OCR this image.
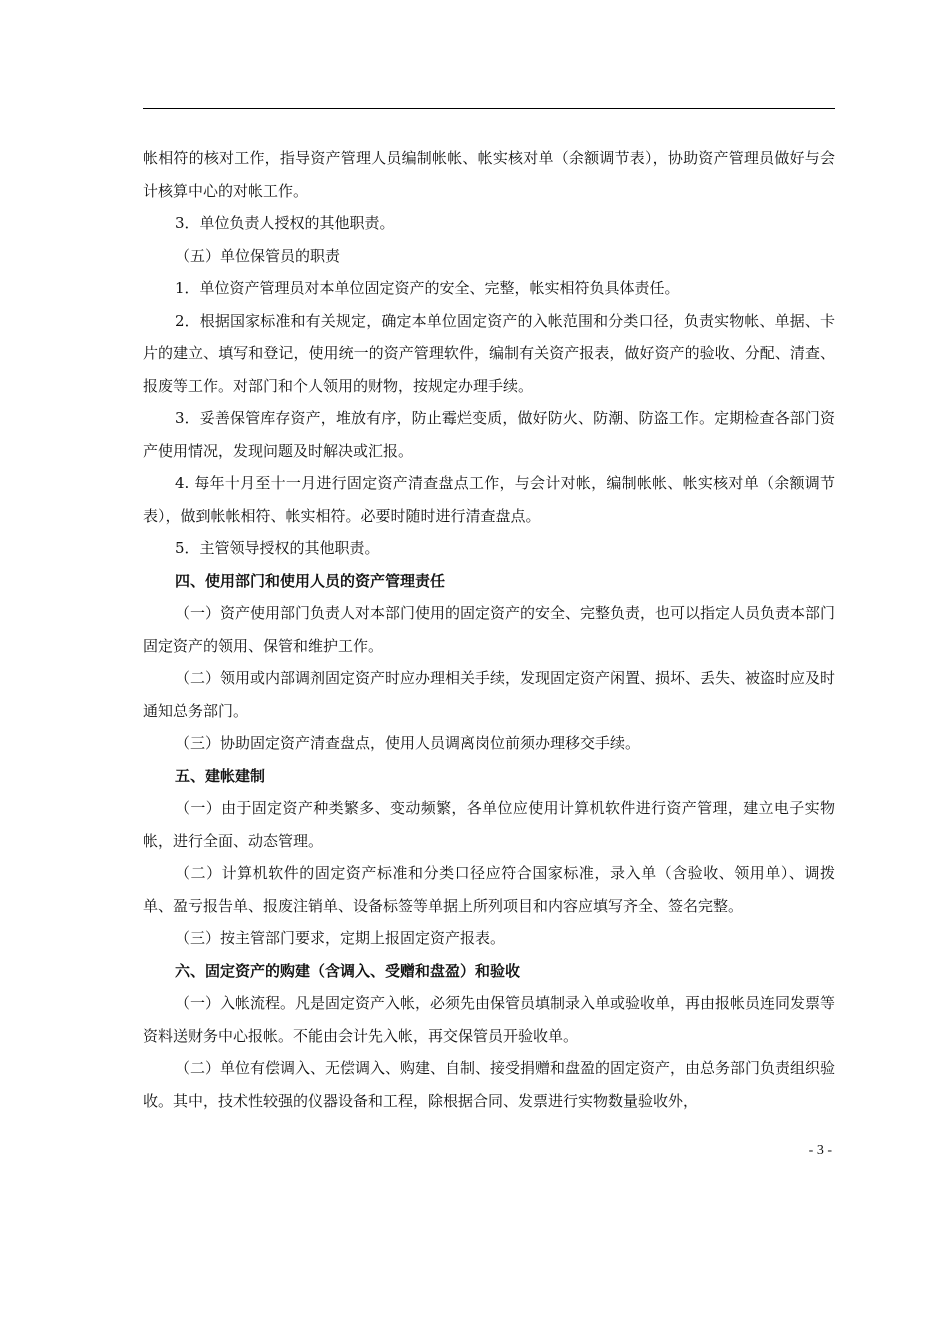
帐相符的核对工作，指导资产管理人员编制帐帐、帐实核对单（余额调节表），协助资产管理员做好与会计核算中心的对帐工作。

3．单位负责人授权的其他职责。

（五）单位保管员的职责

1．单位资产管理员对本单位固定资产的安全、完整，帐实相符负具体责任。

2．根据国家标准和有关规定，确定本单位固定资产的入帐范围和分类口径，负责实物帐、单据、卡片的建立、填写和登记，使用统一的资产管理软件，编制有关资产报表，做好资产的验收、分配、清查、报废等工作。对部门和个人领用的财物，按规定办理手续。

3．妥善保管库存资产，堆放有序，防止霉烂变质，做好防火、防潮、防盗工作。定期检查各部门资产使用情况，发现问题及时解决或汇报。

4. 每年十月至十一月进行固定资产清查盘点工作，与会计对帐，编制帐帐、帐实核对单（余额调节表），做到帐帐相符、帐实相符。必要时随时进行清查盘点。

5．主管领导授权的其他职责。

四、使用部门和使用人员的资产管理责任

（一）资产使用部门负责人对本部门使用的固定资产的安全、完整负责，也可以指定人员负责本部门固定资产的领用、保管和维护工作。

（二）领用或内部调剂固定资产时应办理相关手续，发现固定资产闲置、损坏、丢失、被盗时应及时通知总务部门。

（三）协助固定资产清查盘点，使用人员调离岗位前须办理移交手续。

五、建帐建制

（一）由于固定资产种类繁多、变动频繁，各单位应使用计算机软件进行资产管理，建立电子实物帐，进行全面、动态管理。

（二）计算机软件的固定资产标准和分类口径应符合国家标准，录入单（含验收、领用单）、调拨单、盈亏报告单、报废注销单、设备标签等单据上所列项目和内容应填写齐全、签名完整。

（三）按主管部门要求，定期上报固定资产报表。

六、固定资产的购建（含调入、受赠和盘盈）和验收

（一）入帐流程。凡是固定资产入帐，必须先由保管员填制录入单或验收单，再由报帐员连同发票等资料送财务中心报帐。不能由会计先入帐，再交保管员开验收单。

（二）单位有偿调入、无偿调入、购建、自制、接受捐赠和盘盈的固定资产，由总务部门负责组织验收。其中，技术性较强的仪器设备和工程，除根据合同、发票进行实物数量验收外，

- 3 -
